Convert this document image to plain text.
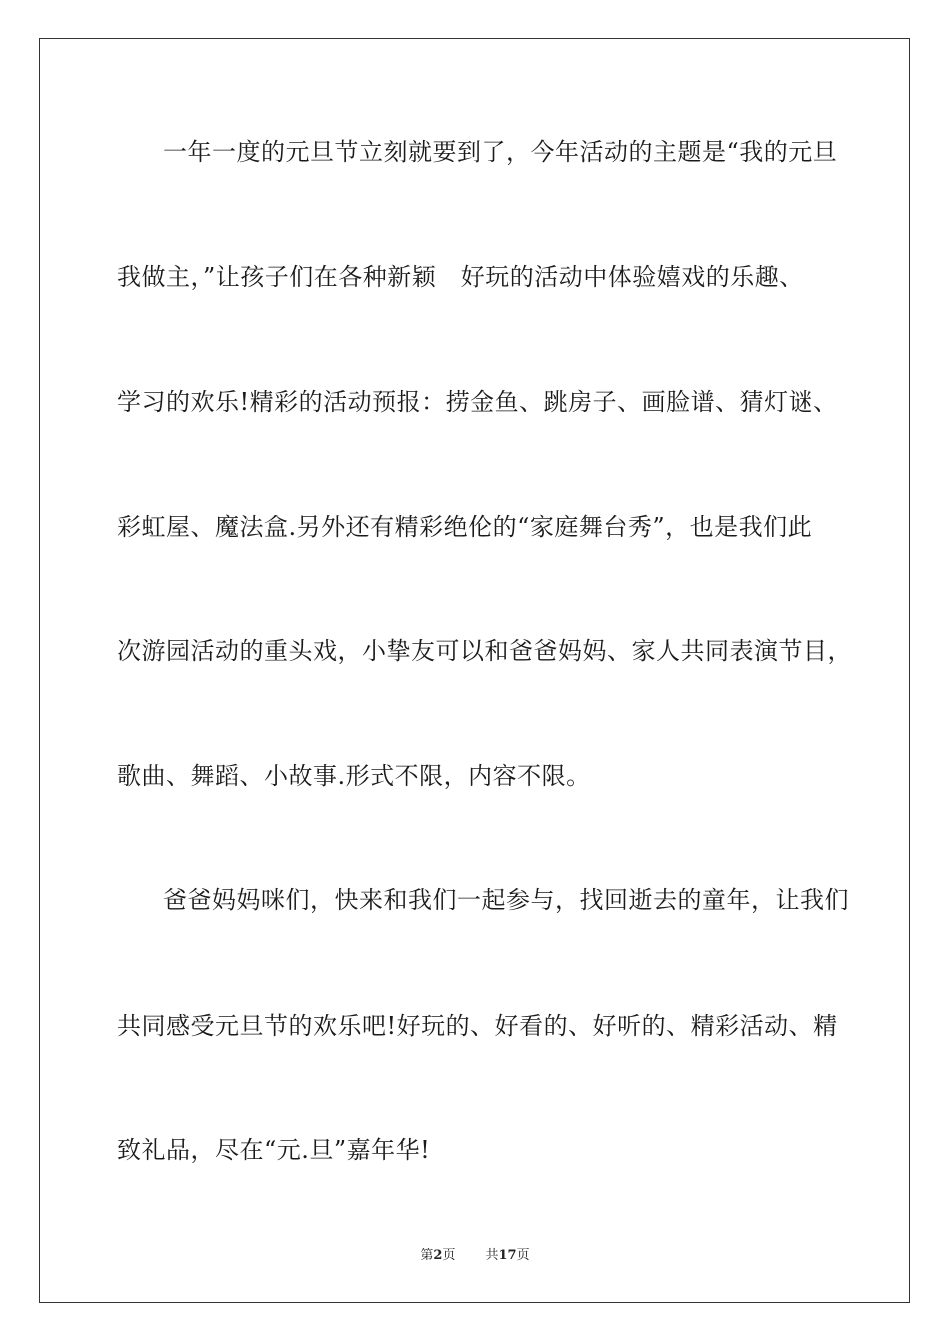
一年一度的元旦节立刻就要到了，今年活动的主题是“我的元旦
我做主，”让孩子们在各种新颖　好玩的活动中体验嬉戏的乐趣、
学习的欢乐!精彩的活动预报：捞金鱼、跳房子、画脸谱、猜灯谜、
彩虹屋、魔法盒.另外还有精彩绝伦的“家庭舞台秀”，也是我们此
次游园活动的重头戏，小挚友可以和爸爸妈妈、家人共同表演节目，
歌曲、舞蹈、小故事.形式不限，内容不限。
爸爸妈妈咪们，快来和我们一起参与，找回逝去的童年，让我们
共同感受元旦节的欢乐吧!好玩的、好看的、好听的、精彩活动、精
致礼品，尽在“元.旦”嘉年华!
第2页 共17页
